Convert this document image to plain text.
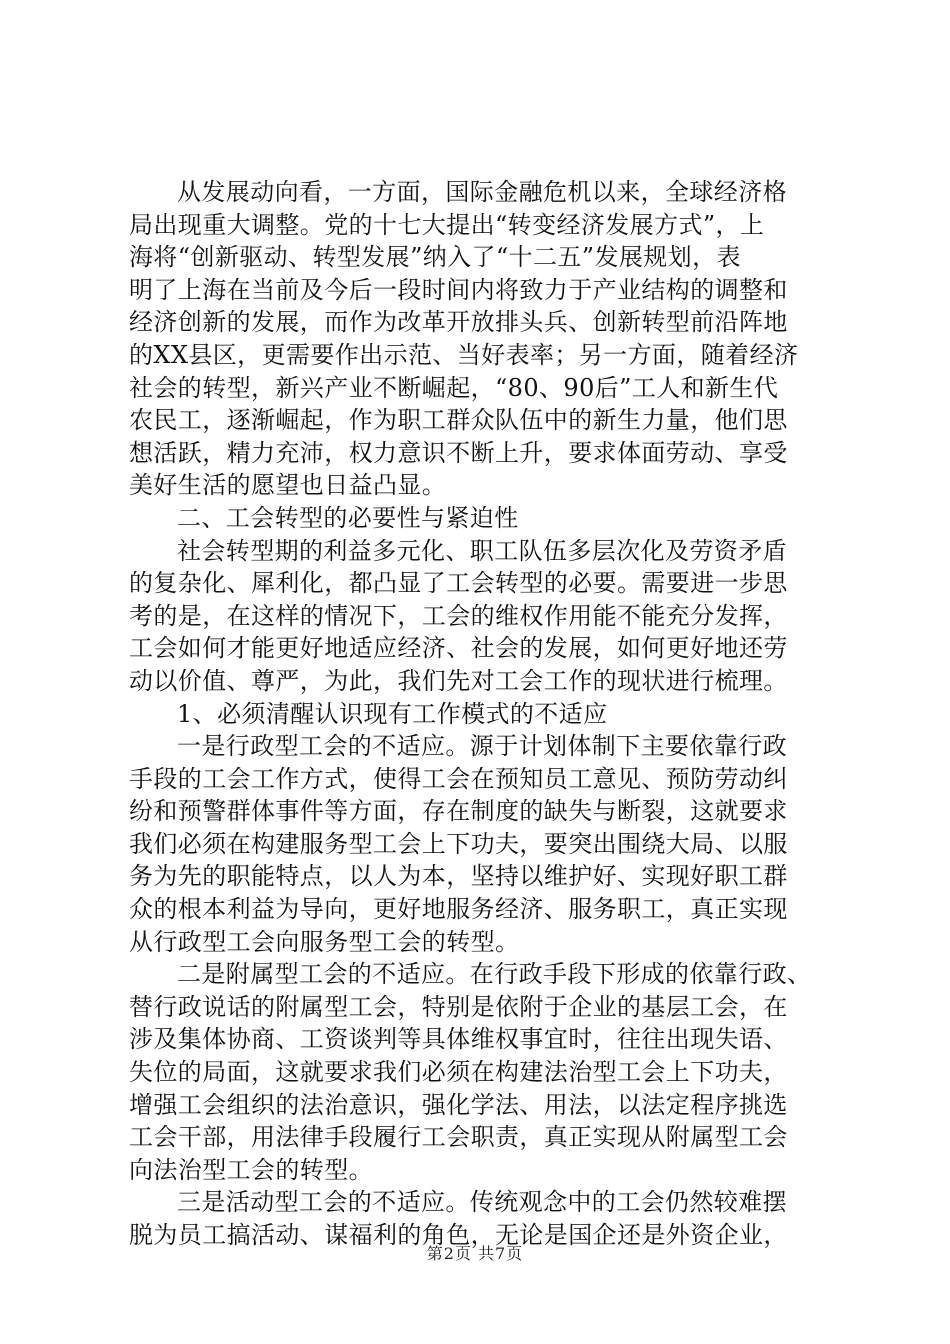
从发展动向看，一方面，国际金融危机以来，全球经济格
局出现重大调整。党的十七大提出“转变经济发展方式”，上
海将“创新驱动、转型发展”纳入了“十二五”发展规划，表
明了上海在当前及今后一段时间内将致力于产业结构的调整和
经济创新的发展，而作为改革开放排头兵、创新转型前沿阵地
的XX县区，更需要作出示范、当好表率；另一方面，随着经济
社会的转型，新兴产业不断崛起，“80、90后”工人和新生代
农民工，逐渐崛起，作为职工群众队伍中的新生力量，他们思
想活跃，精力充沛，权力意识不断上升，要求体面劳动、享受
美好生活的愿望也日益凸显。
二、工会转型的必要性与紧迫性
社会转型期的利益多元化、职工队伍多层次化及劳资矛盾
的复杂化、犀利化，都凸显了工会转型的必要。需要进一步思
考的是，在这样的情况下，工会的维权作用能不能充分发挥，
工会如何才能更好地适应经济、社会的发展，如何更好地还劳
动以价值、尊严，为此，我们先对工会工作的现状进行梳理。
1、必须清醒认识现有工作模式的不适应
一是行政型工会的不适应。源于计划体制下主要依靠行政
手段的工会工作方式，使得工会在预知员工意见、预防劳动纠
纷和预警群体事件等方面，存在制度的缺失与断裂，这就要求
我们必须在构建服务型工会上下功夫，要突出围绕大局、以服
务为先的职能特点，以人为本，坚持以维护好、实现好职工群
众的根本利益为导向，更好地服务经济、服务职工，真正实现
从行政型工会向服务型工会的转型。
二是附属型工会的不适应。在行政手段下形成的依靠行政、
替行政说话的附属型工会，特别是依附于企业的基层工会，在
涉及集体协商、工资谈判等具体维权事宜时，往往出现失语、
失位的局面，这就要求我们必须在构建法治型工会上下功夫，
增强工会组织的法治意识，强化学法、用法，以法定程序挑选
工会干部，用法律手段履行工会职责，真正实现从附属型工会
向法治型工会的转型。
三是活动型工会的不适应。传统观念中的工会仍然较难摆
脱为员工搞活动、谋福利的角色，无论是国企还是外资企业，
第2页 共7页
